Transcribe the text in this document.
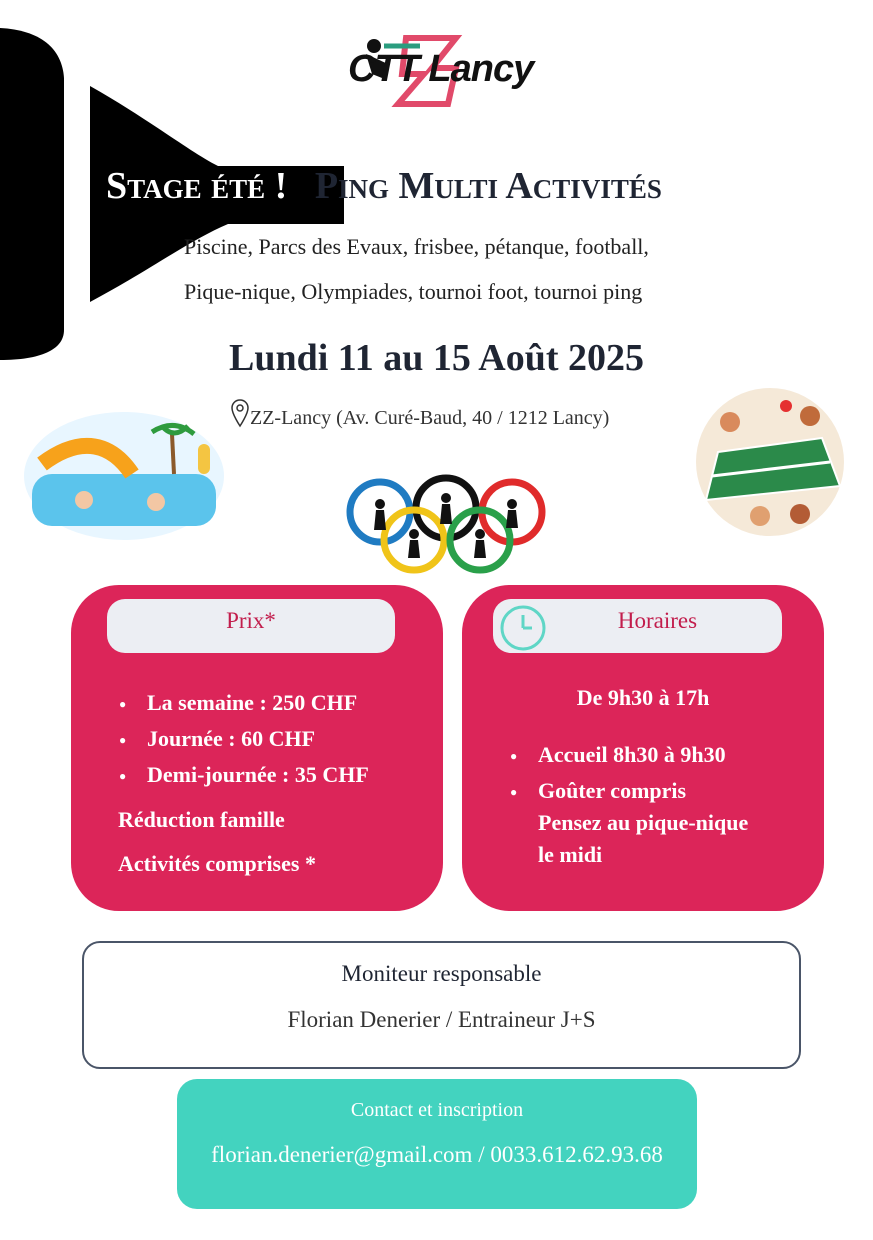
CTT Lancy
Stage été ! Ping Multi Activités
Piscine, Parcs des Evaux, frisbee, pétanque, football,
Pique-nique, Olympiades, tournoi foot, tournoi ping
Lundi 11 au 15 Août 2025
ZZ-Lancy (Av. Curé-Baud, 40 / 1212 Lancy)
Prix*
● La semaine : 250 CHF
● Journée : 60 CHF
● Demi-journée : 35 CHF
Réduction famille
Activités comprises *
Horaires
De 9h30 à 17h
● Accueil 8h30 à 9h30
● Goûter compris
Pensez au pique-nique
le midi
Moniteur responsable
Florian Denerier / Entraineur J+S
Contact et inscription
florian.denerier@gmail.com / 0033.612.62.93.68
